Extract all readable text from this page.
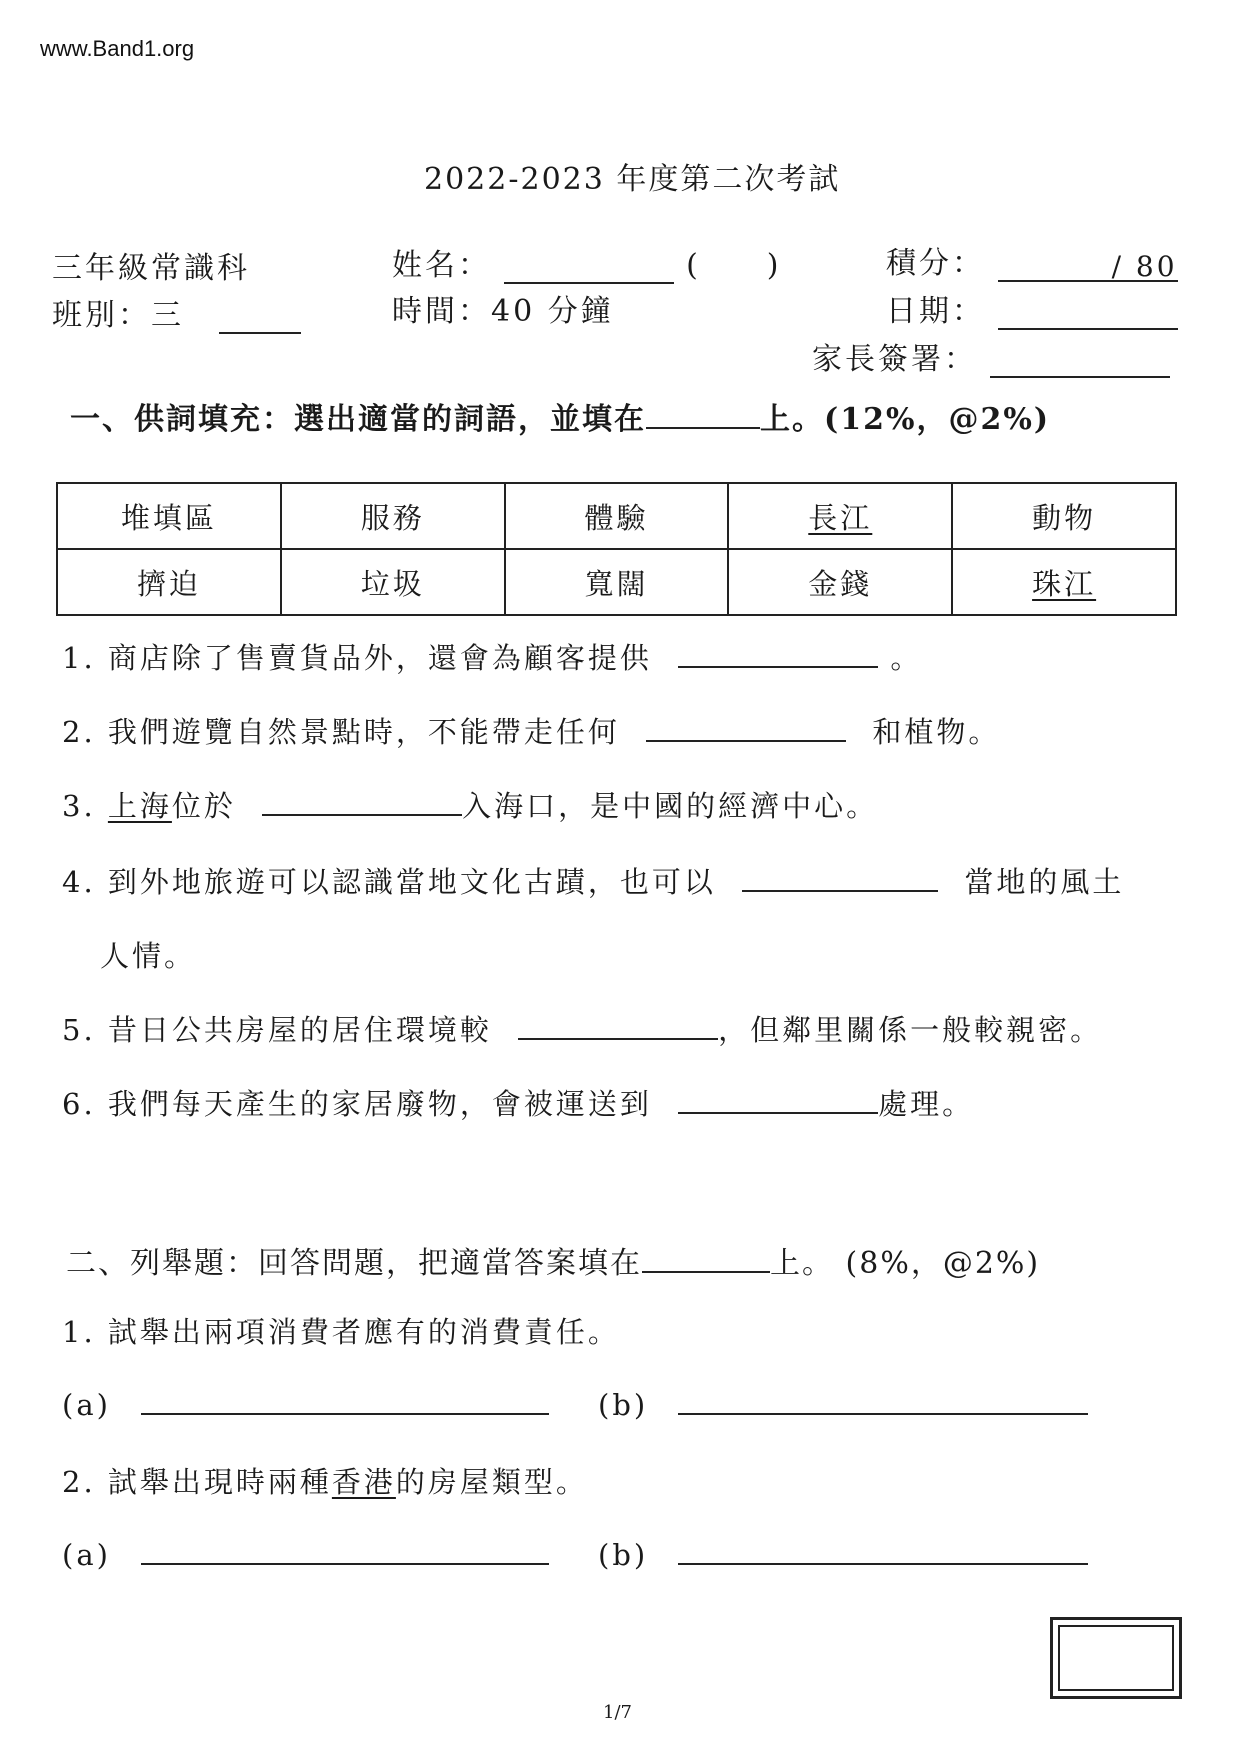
www.Band1.org
2022-2023 年度第二次考試
三年級常識科
班別：三
姓名：	(　　)
時間：40 分鐘
積分：	/ 80
日期：
家長簽署：
一、供詞填充：選出適當的詞語，並填在	上。(12%，@2%)
堆填區	服務	體驗	長江	動物
擠迫	垃圾	寬闊	金錢	珠江
1. 商店除了售賣貨品外，還會為顧客提供	。
2. 我們遊覽自然景點時，不能帶走任何	和植物。
3. 上海位於	入海口，是中國的經濟中心。
4. 到外地旅遊可以認識當地文化古蹟，也可以	當地的風土
人情。
5. 昔日公共房屋的居住環境較	，但鄰里關係一般較親密。
6. 我們每天產生的家居廢物，會被運送到	處理。
二、列舉題：回答問題，把適當答案填在	上。 (8%，@2%)
1. 試舉出兩項消費者應有的消費責任。
(a)	(b)
2. 試舉出現時兩種香港的房屋類型。
(a)	(b)
1/7
